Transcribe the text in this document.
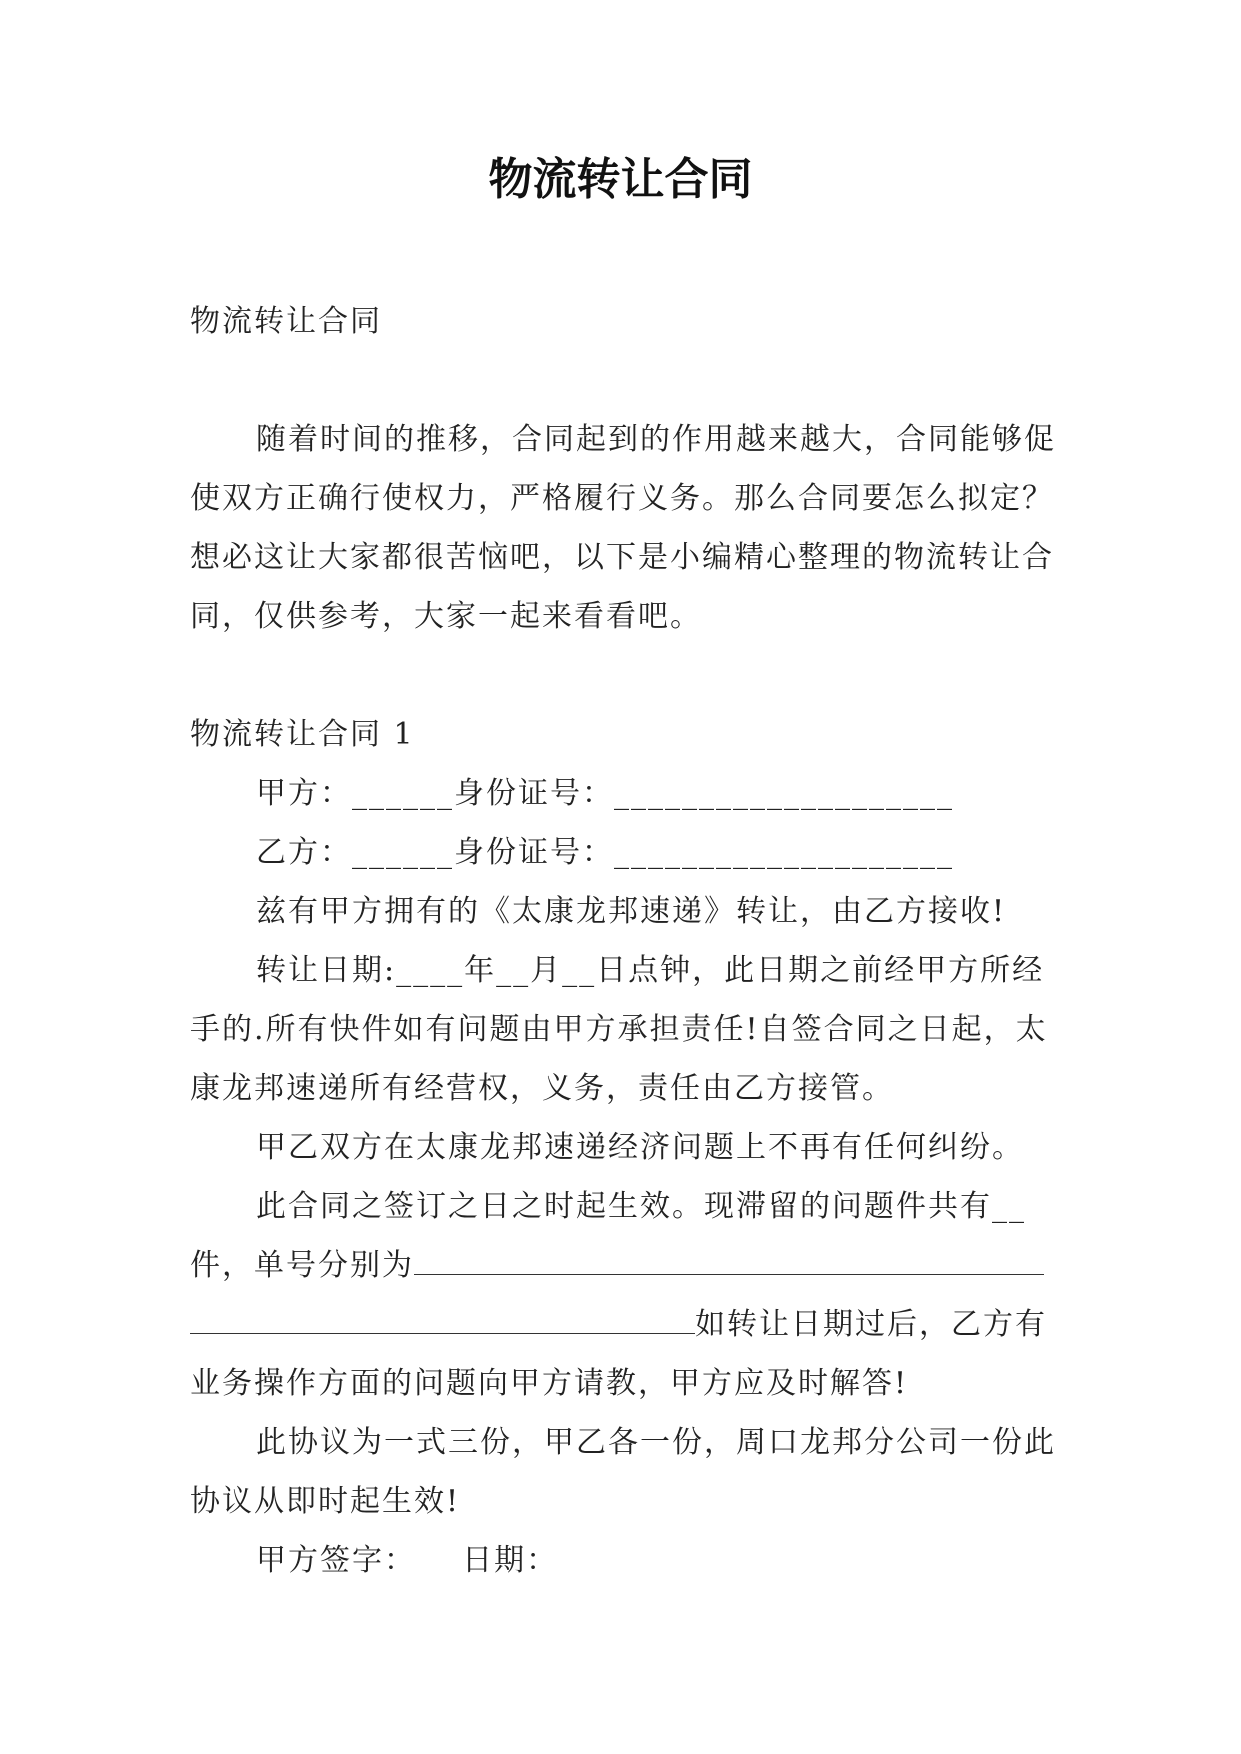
物流转让合同

物流转让合同

随着时间的推移，合同起到的作用越来越大，合同能够促使双方正确行使权力，严格履行义务。那么合同要怎么拟定？想必这让大家都很苦恼吧，以下是小编精心整理的物流转让合同，仅供参考，大家一起来看看吧。

物流转让合同 1

甲方：______身份证号：____________________

乙方：______身份证号：____________________

兹有甲方拥有的《太康龙邦速递》转让，由乙方接收!

转让日期:____年__月__日点钟，此日期之前经甲方所经手的.所有快件如有问题由甲方承担责任!自签合同之日起，太康龙邦速递所有经营权，义务，责任由乙方接管。

甲乙双方在太康龙邦速递经济问题上不再有任何纠纷。

此合同之签订之日之时起生效。现滞留的问题件共有__件，单号分别为如转让日期过后，乙方有业务操作方面的问题向甲方请教，甲方应及时解答!

此协议为一式三份，甲乙各一份，周口龙邦分公司一份此协议从即时起生效!

甲方签字：    日期：
